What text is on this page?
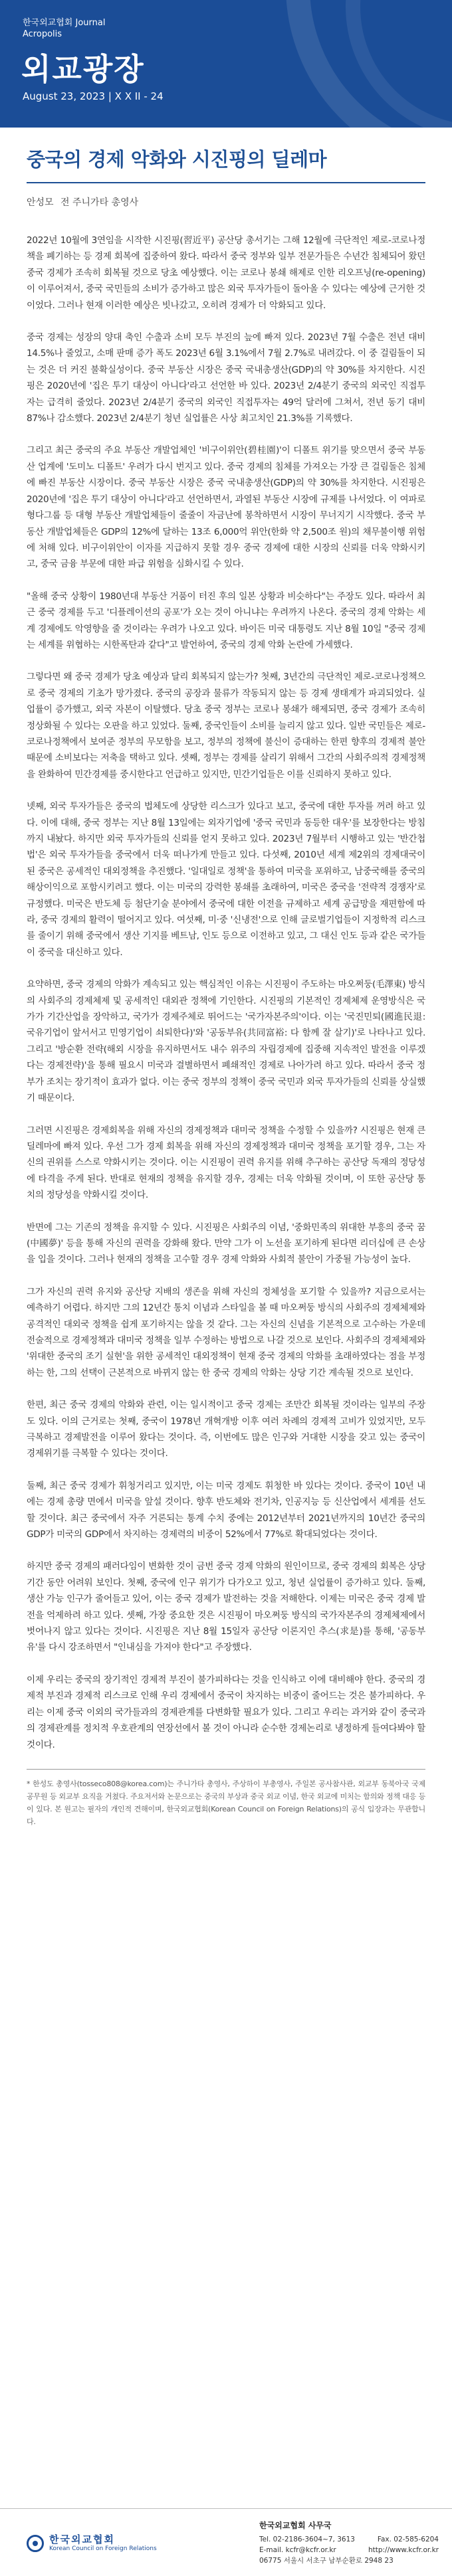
한국외교협회 Journal
Acropolis
외교광장
August 23, 2023 | X X II - 24
중국의 경제 악화와 시진핑의 딜레마
안성모 전 주니가타 총영사

2022년 10월에 3연임을 시작한 시진핑(習近平) 공산당 총서기는 그해 12월에 극단적인 제로-코로나정책을 폐기하는 등 경제 회복에 집중하여 왔다. 따라서 중국 정부와 일부 전문가들은 수년간 침체되어 왔던 중국 경제가 조속히 회복될 것으로 당초 예상했다. 이는 코로나 봉쇄 해제로 인한 리오프닝(re-opening)이 이루어져서, 중국 국민들의 소비가 증가하고 많은 외국 투자가들이 돌아올 수 있다는 예상에 근거한 것이었다. 그러나 현재 이러한 예상은 빗나갔고, 오히려 경제가 더 악화되고 있다.

중국 경제는 성장의 양대 축인 수출과 소비 모두 부진의 늪에 빠져 있다. 2023년 7월 수출은 전년 대비 14.5%나 줄었고, 소매 판매 증가 폭도 2023년 6월 3.1%에서 7월 2.7%로 내려갔다. 이 중 걸림돌이 되는 것은 더 커진 불확실성이다. 중국 부동산 시장은 중국 국내총생산(GDP)의 약 30%를 차지한다. 시진핑은 2020년에 '집은 투기 대상이 아니다'라고 선언한 바 있다. 2023년 2/4분기 중국의 외국인 직접투자는 급격히 줄었다. 2023년 2/4분기 중국의 외국인 직접투자는 49억 달러에 그쳐서, 전년 동기 대비 87%나 감소했다. 2023년 2/4분기 청년 실업률은 사상 최고치인 21.3%를 기록했다.

그리고 최근 중국의 주요 부동산 개발업체인 '비구이위안(碧桂園)'이 디폴트 위기를 맞으면서 중국 부동산 업계에 '도미노 디폴트' 우려가 다시 번지고 있다. 중국 경제의 침체를 가져오는 가장 큰 걸림돌은 침체에 빠진 부동산 시장이다. 중국 부동산 시장은 중국 국내총생산(GDP)의 약 30%를 차지한다. 시진핑은 2020년에 '집은 투기 대상이 아니다'라고 선언하면서, 과열된 부동산 시장에 규제를 나서었다. 이 여파로 형다그룹 등 대형 부동산 개발업체들이 줄줄이 자금난에 봉착하면서 시장이 무너지기 시작했다. 중국 부동산 개발업체들은 GDP의 12%에 달하는 13조 6,000억 위안(한화 약 2,500조 원)의 채무불이행 위험에 처해 있다. 비구이위안이 이자를 지급하지 못할 경우 중국 경제에 대한 시장의 신뢰를 더욱 약화시키고, 중국 금융 부문에 대한 파급 위험을 심화시킬 수 있다.

"올해 중국 상황이 1980년대 부동산 거품이 터진 후의 일본 상황과 비슷하다"는 주장도 있다. 따라서 최근 중국 경제를 두고 '디플레이션의 공포'가 오는 것이 아니냐는 우려까지 나온다. 중국의 경제 악화는 세계 경제에도 악영향을 줄 것이라는 우려가 나오고 있다. 바이든 미국 대통령도 지난 8월 10일 "중국 경제는 세계를 위협하는 시한폭탄과 같다"고 발언하여, 중국의 경제 악화 논란에 가세했다.

그렇다면 왜 중국 경제가 당초 예상과 달리 회복되지 않는가? 첫째, 3년간의 극단적인 제로-코로나정책으로 중국 경제의 기초가 망가졌다. 중국의 공장과 물류가 작동되지 않는 등 경제 생태계가 파괴되었다. 실업률이 증가했고, 외국 자본이 이탈했다. 당초 중국 정부는 코로나 봉쇄가 해제되면, 중국 경제가 조속히 정상화될 수 있다는 오판을 하고 있었다. 둘째, 중국인들이 소비를 늘리지 않고 있다. 일반 국민들은 제로-코로나정책에서 보여준 정부의 무모함을 보고, 정부의 정책에 불신이 증대하는 한편 향후의 경제적 불안 때문에 소비보다는 저축을 택하고 있다. 셋째, 정부는 경제를 살리기 위해서 그간의 사회주의적 경제정책을 완화하여 민간경제를 중시한다고 언급하고 있지만, 민간기업들은 이를 신뢰하지 못하고 있다.

넷째, 외국 투자가들은 중국의 법체도에 상당한 리스크가 있다고 보고, 중국에 대한 투자를 꺼려 하고 있다. 이에 대해, 중국 정부는 지난 8월 13일에는 외자기업에 '중국 국민과 동등한 대우'를 보장한다는 방침까지 내놨다. 하지만 외국 투자가들의 신뢰를 얻지 못하고 있다. 2023년 7월부터 시행하고 있는 '반간첩법'은 외국 투자가들을 중국에서 더욱 떠나가게 만들고 있다. 다섯째, 2010년 세계 제2위의 경제대국이 된 중국은 공세적인 대외정책을 추진했다. '일대일로 정책'을 통하여 미국을 포위하고, 남중국해를 중국의 해상이익으로 포함시키려고 했다. 이는 미국의 강력한 봉쇄를 초래하여, 미국은 중국을 '전략적 경쟁자'로 규정했다. 미국은 반도체 등 첨단기술 분야에서 중국에 대한 이전을 규제하고 세계 공급망을 재편함에 따라, 중국 경제의 활력이 떨어지고 있다. 여섯째, 미·중 '신냉전'으로 인해 글로벌기업들이 지정학적 리스크를 줄이기 위해 중국에서 생산 기지를 베트남, 인도 등으로 이전하고 있고, 그 대신 인도 등과 같은 국가들이 중국을 대신하고 있다.

요약하면, 중국 경제의 악화가 계속되고 있는 핵심적인 이유는 시진핑이 주도하는 마오쩌둥(毛澤東) 방식의 사회주의 경제체제 및 공세적인 대외관 정책에 기인한다. 시진핑의 기본적인 경제체제 운영방식은 국가가 기간산업을 장악하고, 국가가 경제주체로 뛰어드는 '국가자본주의'이다. 이는 '국진민퇴(國進民退: 국유기업이 앞서서고 민영기업이 쇠퇴한다)'와 '공동부유(共同富裕: 다 함께 잘 살기)'로 나타나고 있다. 그리고 '방순환 전략(해외 시장을 유지하면서도 내수 위주의 자립경제에 집중해 지속적인 발전을 이루겠다는 경제전략)'을 통해 필요시 미국과 결별하면서 폐쇄적인 경제로 나아가려 하고 있다. 따라서 중국 정부가 조치는 장기적이 효과가 없다. 이는 중국 정부의 정책이 중국 국민과 외국 투자가들의 신뢰를 상실했기 때문이다.

그러면 시진핑은 경제회복을 위해 자신의 경제정책과 대미국 정책을 수정할 수 있을까? 시진핑은 현재 큰 딜레마에 빠져 있다. 우선 그가 경제 회복을 위해 자신의 경제정책과 대미국 정책을 포기할 경우, 그는 자신의 권위를 스스로 약화시키는 것이다. 이는 시진핑이 권력 유지를 위해 추구하는 공산당 독재의 정당성에 타격을 주게 된다. 반대로 현재의 정책을 유지할 경우, 경제는 더욱 악화될 것이며, 이 또한 공산당 통치의 정당성을 약화시킬 것이다.

반면에 그는 기존의 정책을 유지할 수 있다. 시진핑은 사회주의 이념, '중화민족의 위대한 부흥의 중국 꿈(中國夢)' 등을 통해 자신의 권력을 강화해 왔다. 만약 그가 이 노선을 포기하게 된다면 리더십에 큰 손상을 입을 것이다. 그러나 현재의 정책을 고수할 경우 경제 악화와 사회적 불안이 가중될 가능성이 높다.

그가 자신의 권력 유지와 공산당 지배의 생존을 위해 자신의 정체성을 포기할 수 있을까? 지금으로서는 예측하기 어렵다. 하지만 그의 12년간 통치 이념과 스타일을 볼 때 마오쩌둥 방식의 사회주의 경제체제와 공격적인 대외국 정책을 쉽게 포기하지는 않을 것 같다. 그는 자신의 신념을 기본적으로 고수하는 가운데 전술적으로 경제정책과 대미국 정책을 일부 수정하는 방법으로 나갈 것으로 보인다. 사회주의 경제체제와 '위대한 중국의 조기 실현'을 위한 공세적인 대외정책이 현재 중국 경제의 악화를 초래하였다는 점을 부정하는 한, 그의 선택이 근본적으로 바뀌지 않는 한 중국 경제의 악화는 상당 기간 계속될 것으로 보인다.

한편, 최근 중국 경제의 악화와 관련, 이는 일시적이고 중국 경제는 조만간 회복될 것이라는 일부의 주장도 있다. 이의 근거로는 첫째, 중국이 1978년 개혁개방 이후 여러 차례의 경제적 고비가 있었지만, 모두 극복하고 경제발전을 이루어 왔다는 것이다. 즉, 이번에도 많은 인구와 거대한 시장을 갖고 있는 중국이 경제위기를 극복할 수 있다는 것이다.

둘째, 최근 중국 경제가 휘청거리고 있지만, 이는 미국 경제도 휘청한 바 있다는 것이다. 중국이 10년 내에는 경제 총량 면에서 미국을 앞설 것이다. 향후 반도체와 전기차, 인공지능 등 신산업에서 세계를 선도할 것이다. 최근 중국에서 자주 거론되는 통계 수치 중에는 2012년부터 2021년까지의 10년간 중국의 GDP가 미국의 GDP에서 차지하는 경제력의 비중이 52%에서 77%로 확대되었다는 것이다.

하지만 중국 경제의 패러다임이 변화한 것이 금번 중국 경제 악화의 원인이므로, 중국 경제의 회복은 상당 기간 동안 어려워 보인다. 첫째, 중국에 인구 위기가 다가오고 있고, 청년 실업률이 증가하고 있다. 둘째, 생산 가능 인구가 줄어들고 있어, 이는 중국 경제가 발전하는 것을 저해한다. 이제는 미국은 중국 경제 발전을 억제하려 하고 있다. 셋째, 가장 중요한 것은 시진핑이 마오쩌둥 방식의 국가자본주의 경제체제에서 벗어나지 않고 있다는 것이다. 시진핑은 지난 8월 15일자 공산당 이론지인 추스(求是)를 통해, '공동부유'를 다시 강조하면서 "인내심을 가져야 한다"고 주장했다.

이제 우리는 중국의 장기적인 경제적 부진이 불가피하다는 것을 인식하고 이에 대비해야 한다. 중국의 경제적 부진과 경제적 리스크로 인해 우리 경제에서 중국이 차지하는 비중이 줄어드는 것은 불가피하다. 우리는 이제 중국 이외의 국가들과의 경제관계를 다변화할 필요가 있다. 그리고 우리는 과거와 같이 중국과의 경제관계를 정치적 우호관계의 연장선에서 볼 것이 아니라 순수한 경제논리로 냉정하게 들여다봐야 할 것이다.

* 한성도 총영사(tosseco808@korea.com)는 주니가타 총영사, 주상하이 부총영사, 주일본 공사참사관, 외교부 동북아국 국제 공무원 등 외교부 요직을 거쳤다. 주요저서와 논문으로는 중국의 부상과 중국 외교 이념, 한국 외교에 미치는 함의와 정책 대응 등이 있다. 본 원고는 필자의 개인적 견해이며, 한국외교협회(Korean Council on Foreign Relations)의 공식 입장과는 무관합니다.

한국외교협회
Korean Council on Foreign Relations
한국외교협회 사무국
Tel. 02-2186-3604~7, 3613	Fax. 02-585-6204
E-mail. kcfr@kcfr.or.kr	http://www.kcfr.or.kr
06775 서울시 서초구 남부순환로 2948 23
